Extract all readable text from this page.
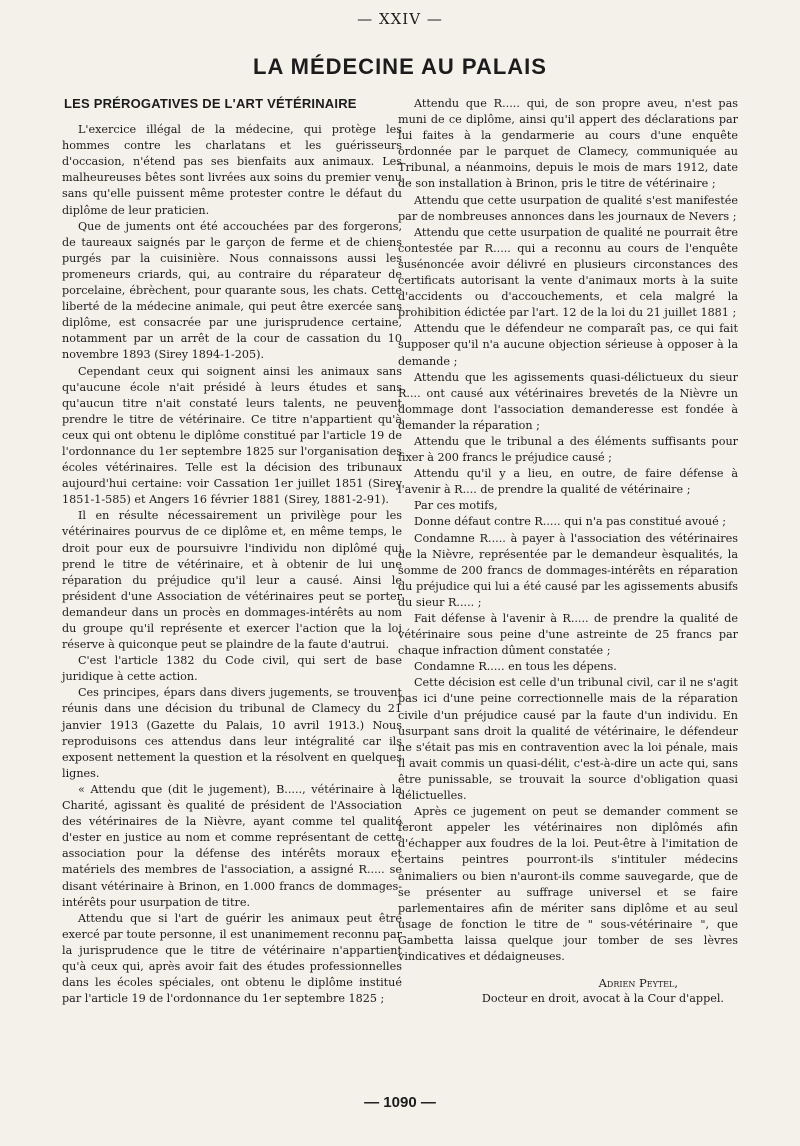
— XXIV —
LA MÉDECINE AU PALAIS
LES PRÉROGATIVES DE L'ART VÉTÉRINAIRE

L'exercice illégal de la médecine, qui protège les hommes contre les charlatans et les guérisseurs d'occasion, n'étend pas ses bienfaits aux animaux. Les malheureuses bêtes sont livrées aux soins du premier venu sans qu'elle puissent même protester contre le défaut du diplôme de leur praticien.

Que de juments ont été accouchées par des forgerons, de taureaux saignés par le garçon de ferme et de chiens purgés par la cuisinière. Nous connaissons aussi les promeneurs criards, qui, au contraire du réparateur de porcelaine, ébrèchent, pour quarante sous, les chats. Cette liberté de la médecine animale, qui peut être exercée sans diplôme, est consacrée par une jurisprudence certaine, notamment par un arrêt de la cour de cassation du 10 novembre 1893 (Sirey 1894-1-205).

Cependant ceux qui soignent ainsi les animaux sans qu'aucune école n'ait présidé à leurs études et sans qu'aucun titre n'ait constaté leurs talents, ne peuvent prendre le titre de vétérinaire. Ce titre n'appartient qu'à ceux qui ont obtenu le diplôme constitué par l'article 19 de l'ordonnance du 1er septembre 1825 sur l'organisation des écoles vétérinaires. Telle est la décision des tribunaux aujourd'hui certaine: voir Cassation 1er juillet 1851 (Sirey 1851-1-585) et Angers 16 février 1881 (Sirey, 1881-2-91).

Il en résulte nécessairement un privilège pour les vétérinaires pourvus de ce diplôme et, en même temps, le droit pour eux de poursuivre l'individu non diplômé qui prend le titre de vétérinaire, et à obtenir de lui une réparation du préjudice qu'il leur a causé. Ainsi le président d'une Association de vétérinaires peut se porter demandeur dans un procès en dommages-intérêts au nom du groupe qu'il représente et exercer l'action que la loi réserve à quiconque peut se plaindre de la faute d'autrui.

C'est l'article 1382 du Code civil, qui sert de base juridique à cette action.

Ces principes, épars dans divers jugements, se trouvent réunis dans une décision du tribunal de Clamecy du 21 janvier 1913 (Gazette du Palais, 10 avril 1913.) Nous reproduisons ces attendus dans leur intégralité car ils exposent nettement la question et la résolvent en quelques lignes.

« Attendu que (dit le jugement), B....., vétérinaire à la Charité, agissant ès qualité de président de l'Association des vétérinaires de la Nièvre, ayant comme tel qualité d'ester en justice au nom et comme représentant de cette association pour la défense des intérêts moraux et matériels des membres de l'association, a assigné R..... se disant vétérinaire à Brinon, en 1.000 francs de dommages-intérêts pour usurpation de titre.

Attendu que si l'art de guérir les animaux peut être exercé par toute personne, il est unanimement reconnu par la jurisprudence que le titre de vétérinaire n'appartient qu'à ceux qui, après avoir fait des études professionnelles dans les écoles spéciales, ont obtenu le diplôme institué par l'article 19 de l'ordonnance du 1er septembre 1825 ;

Attendu que R..... qui, de son propre aveu, n'est pas muni de ce diplôme, ainsi qu'il appert des déclarations par lui faites à la gendarmerie au cours d'une enquête ordonnée par le parquet de Clamecy, communiquée au Tribunal, a néanmoins, depuis le mois de mars 1912, date de son installation à Brinon, pris le titre de vétérinaire ;

Attendu que cette usurpation de qualité s'est manifestée par de nombreuses annonces dans les journaux de Nevers ;

Attendu que cette usurpation de qualité ne pourrait être contestée par R..... qui a reconnu au cours de l'enquête susénoncée avoir délivré en plusieurs circonstances des certificats autorisant la vente d'animaux morts à la suite d'accidents ou d'accouchements, et cela malgré la prohibition édictée par l'art. 12 de la loi du 21 juillet 1881 ;

Attendu que le défendeur ne comparaît pas, ce qui fait supposer qu'il n'a aucune objection sérieuse à opposer à la demande ;

Attendu que les agissements quasi-délictueux du sieur R.... ont causé aux vétérinaires brevetés de la Nièvre un dommage dont l'association demanderesse est fondée à demander la réparation ;

Attendu que le tribunal a des éléments suffisants pour fixer à 200 francs le préjudice causé ;

Attendu qu'il y a lieu, en outre, de faire défense à l'avenir à R.... de prendre la qualité de vétérinaire ;

Par ces motifs,

Donne défaut contre R..... qui n'a pas constitué avoué ;

Condamne R..... à payer à l'association des vétérinaires de la Nièvre, représentée par le demandeur èsqualités, la somme de 200 francs de dommages-intérêts en réparation du préjudice qui lui a été causé par les agissements abusifs du sieur R..... ;

Fait défense à l'avenir à R..... de prendre la qualité de vétérinaire sous peine d'une astreinte de 25 francs par chaque infraction dûment constatée ;

Condamne R..... en tous les dépens.

Cette décision est celle d'un tribunal civil, car il ne s'agit pas ici d'une peine correctionnelle mais de la réparation civile d'un préjudice causé par la faute d'un individu. En usurpant sans droit la qualité de vétérinaire, le défendeur ne s'était pas mis en contravention avec la loi pénale, mais il avait commis un quasi-délit, c'est-à-dire un acte qui, sans être punissable, se trouvait la source d'obligation quasi délictuelles.

Après ce jugement on peut se demander comment se feront appeler les vétérinaires non diplômés afin d'échapper aux foudres de la loi. Peut-être à l'imitation de certains peintres pourront-ils s'intituler médecins animaliers ou bien n'auront-ils comme sauvegarde, que de se présenter au suffrage universel et se faire parlementaires afin de mériter sans diplôme et au seul usage de fonction le titre de " sous-vétérinaire ", que Gambetta laissa quelque jour tomber de ses lèvres vindicatives et dédaigneuses.

Adrien Peytel,
Docteur en droit, avocat à la Cour d'appel.
— 1090 —
